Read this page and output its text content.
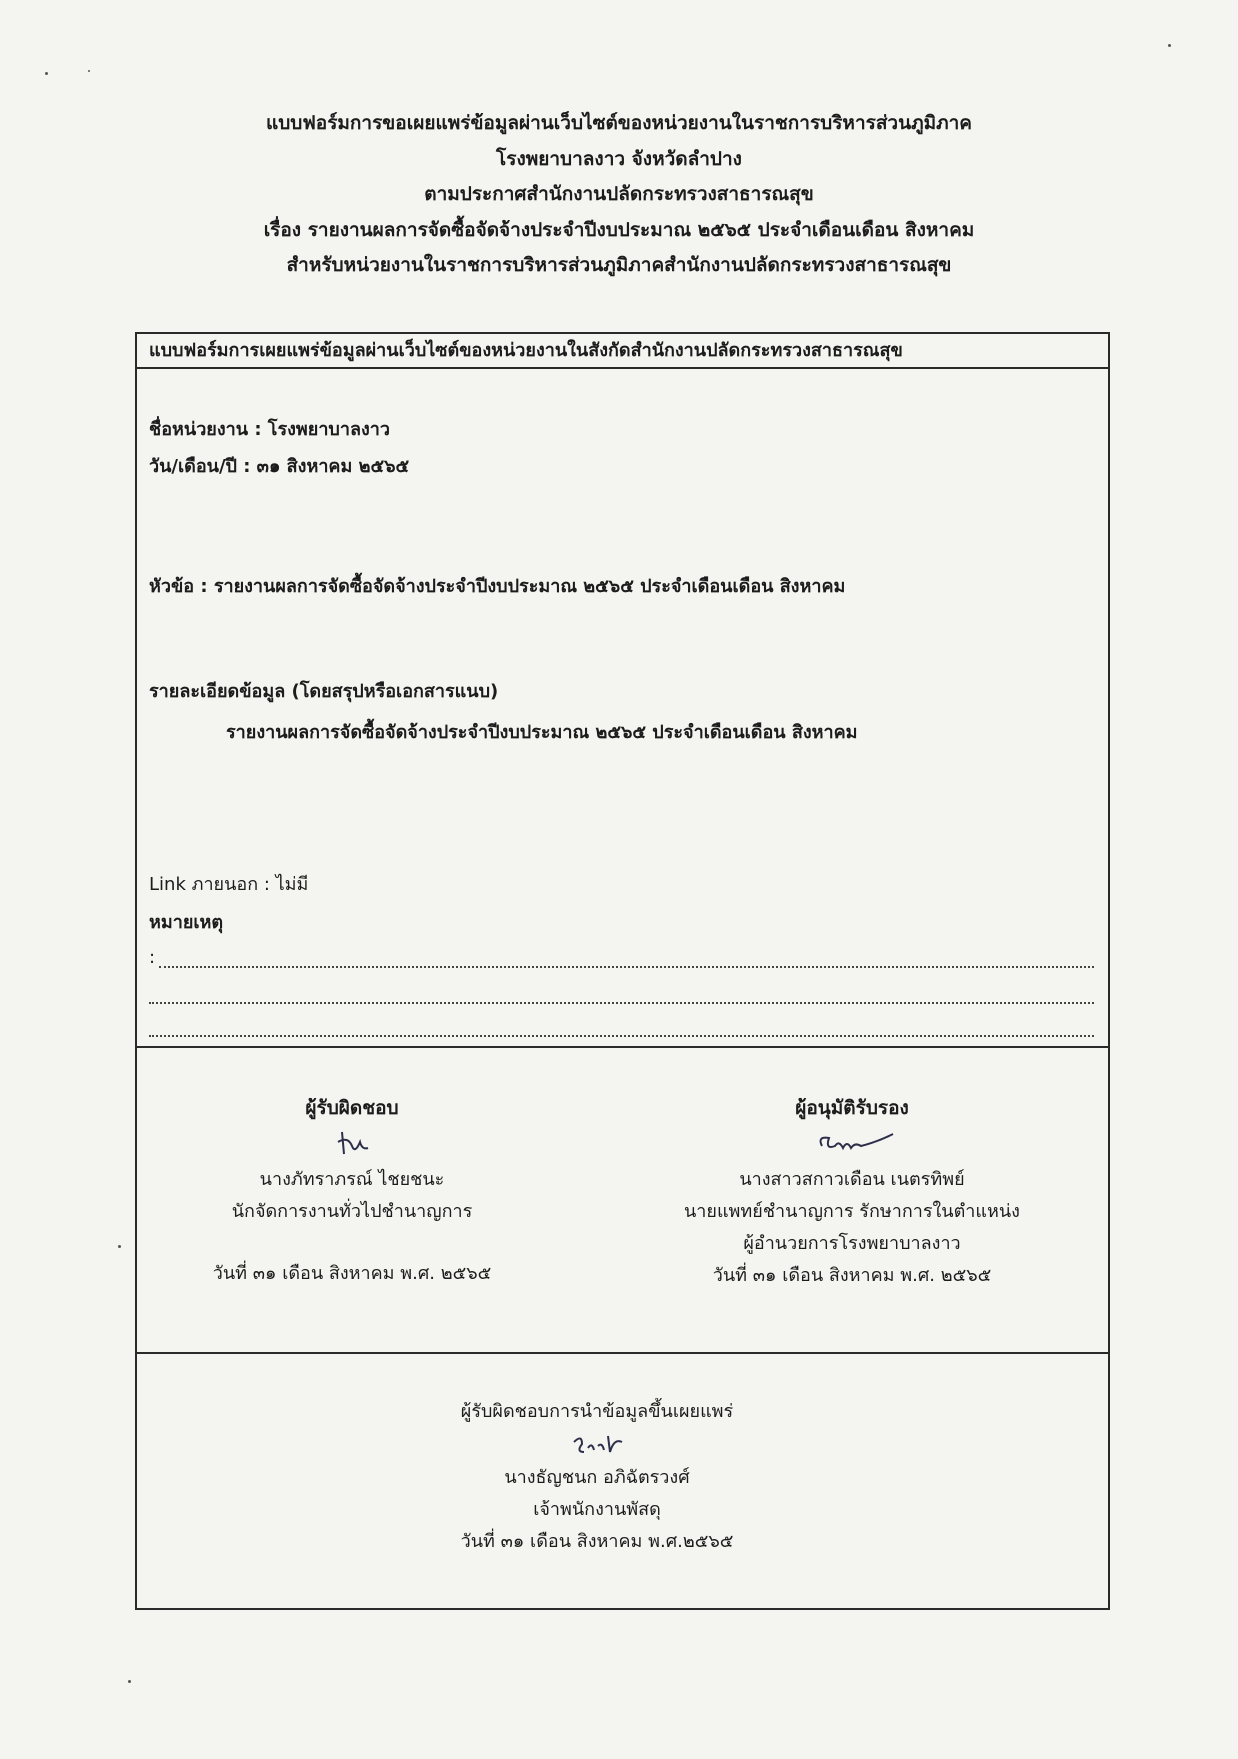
แบบฟอร์มการขอเผยแพร่ข้อมูลผ่านเว็บไซต์ของหน่วยงานในราชการบริหารส่วนภูมิภาค
โรงพยาบาลงาว จังหวัดลำปาง
ตามประกาศสำนักงานปลัดกระทรวงสาธารณสุข
เรื่อง รายงานผลการจัดซื้อจัดจ้างประจำปีงบประมาณ ๒๕๖๕ ประจำเดือนเดือน สิงหาคม
สำหรับหน่วยงานในราชการบริหารส่วนภูมิภาคสำนักงานปลัดกระทรวงสาธารณสุข
แบบฟอร์มการเผยแพร่ข้อมูลผ่านเว็บไซต์ของหน่วยงานในสังกัดสำนักงานปลัดกระทรวงสาธารณสุข
ชื่อหน่วยงาน : โรงพยาบาลงาว
วัน/เดือน/ปี : ๓๑ สิงหาคม ๒๕๖๕
หัวข้อ : รายงานผลการจัดซื้อจัดจ้างประจำปีงบประมาณ ๒๕๖๕ ประจำเดือนเดือน สิงหาคม
รายละเอียดข้อมูล (โดยสรุปหรือเอกสารแนบ)
รายงานผลการจัดซื้อจัดจ้างประจำปีงบประมาณ ๒๕๖๕ ประจำเดือนเดือน สิงหาคม
Link ภายนอก : ไม่มี
หมายเหตุ
:
ผู้รับผิดชอบ
นางภัทราภรณ์ ไชยชนะ
นักจัดการงานทั่วไปชำนาญการ
วันที่ ๓๑ เดือน สิงหาคม พ.ศ. ๒๕๖๕
ผู้อนุมัติรับรอง
นางสาวสกาวเดือน เนตรทิพย์
นายแพทย์ชำนาญการ รักษาการในตำแหน่ง
ผู้อำนวยการโรงพยาบาลงาว
วันที่ ๓๑ เดือน สิงหาคม พ.ศ. ๒๕๖๕
ผู้รับผิดชอบการนำข้อมูลขึ้นเผยแพร่
นางธัญชนก อภิฉัตรวงศ์
เจ้าพนักงานพัสดุ
วันที่ ๓๑ เดือน สิงหาคม พ.ศ.๒๕๖๕
